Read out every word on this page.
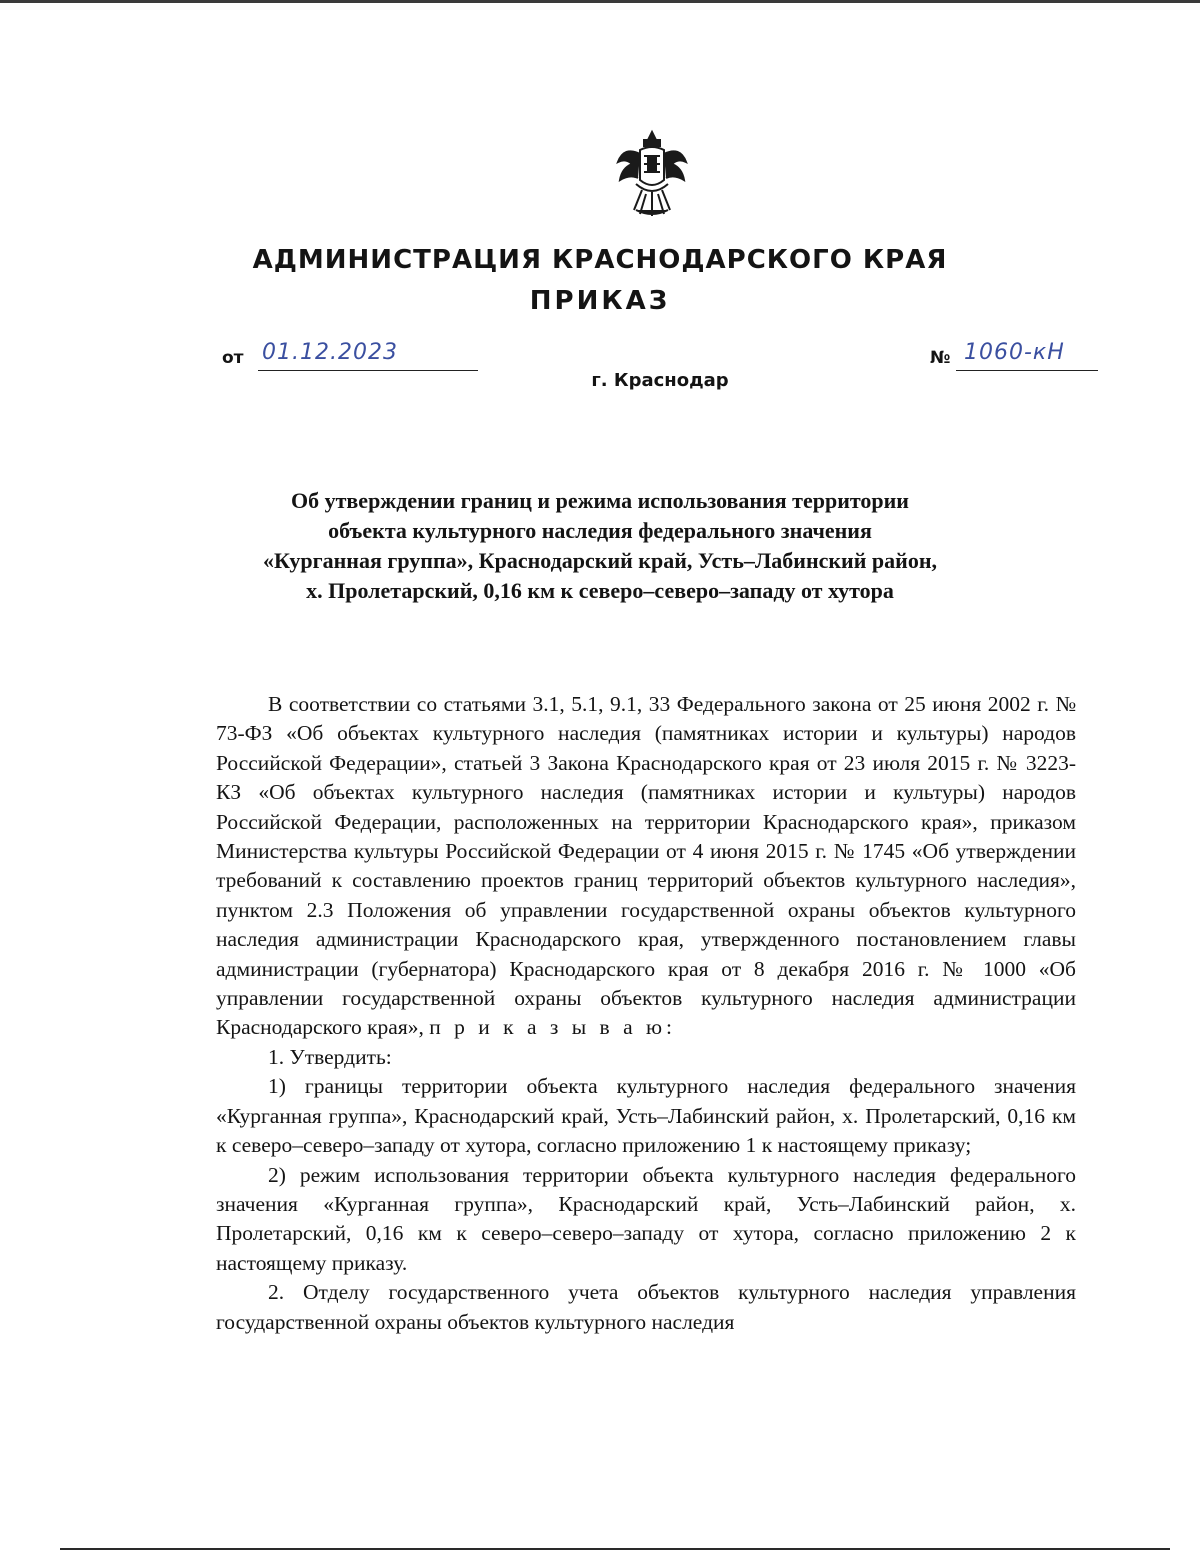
АДМИНИСТРАЦИЯ КРАСНОДАРСКОГО КРАЯ
ПРИКАЗ
от 01.12.2023	№ 1060-кН
г. Краснодар
Об утверждении границ и режима использования территории
объекта культурного наследия федерального значения
«Курганная группа», Краснодарский край, Усть–Лабинский район,
х. Пролетарский, 0,16 км к северо–северо–западу от хутора

В соответствии со статьями 3.1, 5.1, 9.1, 33 Федерального закона от 25 июня 2002 г. № 73-ФЗ «Об объектах культурного наследия (памятниках истории и культуры) народов Российской Федерации», статьей 3 Закона Краснодарского края от 23 июля 2015 г. № 3223-КЗ «Об объектах культурного наследия (памятниках истории и культуры) народов Российской Федерации, расположенных на территории Краснодарского края», приказом Министерства культуры Российской Федерации от 4 июня 2015 г. № 1745 «Об утверждении требований к составлению проектов границ территорий объектов культурного наследия», пунктом 2.3 Положения об управлении государственной охраны объектов культурного наследия администрации Краснодарского края, утвержденного постановлением главы администрации (губернатора) Краснодарского края от 8 декабря 2016 г. № 1000 «Об управлении государственной охраны объектов культурного наследия администрации Краснодарского края», п р и к а з ы в а ю:

1. Утвердить:

1) границы территории объекта культурного наследия федерального значения «Курганная группа», Краснодарский край, Усть–Лабинский район, х. Пролетарский, 0,16 км к северо–северо–западу от хутора, согласно приложению 1 к настоящему приказу;

2) режим использования территории объекта культурного наследия федерального значения «Курганная группа», Краснодарский край, Усть–Лабинский район, х. Пролетарский, 0,16 км к северо–северо–западу от хутора, согласно приложению 2 к настоящему приказу.

2. Отделу государственного учета объектов культурного наследия управления государственной охраны объектов культурного наследия
